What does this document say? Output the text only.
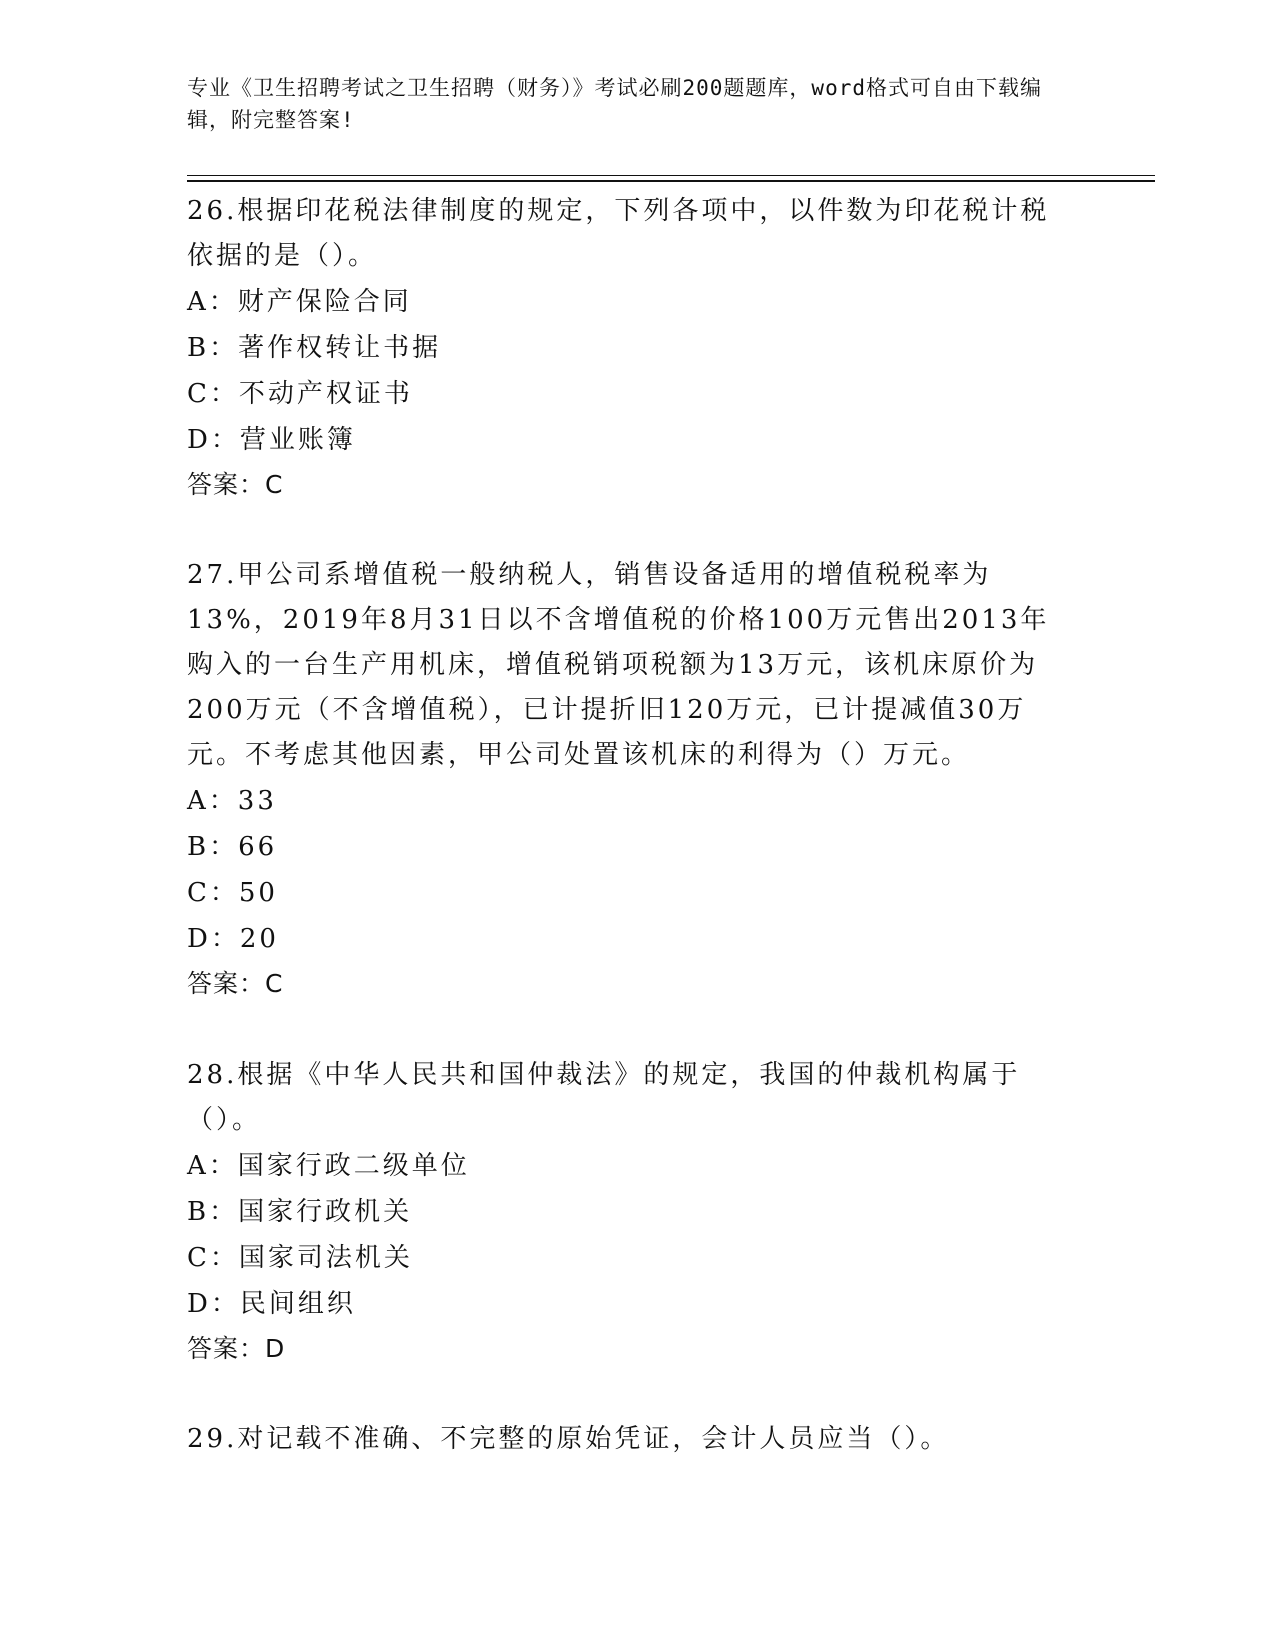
专业《卫生招聘考试之卫生招聘（财务）》考试必刷200题题库，word格式可自由下载编辑，附完整答案!

26.根据印花税法律制度的规定，下列各项中，以件数为印花税计税依据的是（）。

A：财产保险合同

B：著作权转让书据

C：不动产权证书

D：营业账簿

答案：C

27.甲公司系增值税一般纳税人，销售设备适用的增值税税率为13%，2019年8月31日以不含增值税的价格100万元售出2013年购入的一台生产用机床，增值税销项税额为13万元，该机床原价为200万元（不含增值税），已计提折旧120万元，已计提减值30万元。不考虑其他因素，甲公司处置该机床的利得为（）万元。

A：33

B：66

C：50

D：20

答案：C

28.根据《中华人民共和国仲裁法》的规定，我国的仲裁机构属于（）。

A：国家行政二级单位

B：国家行政机关

C：国家司法机关

D：民间组织

答案：D

29.对记载不准确、不完整的原始凭证，会计人员应当（）。
